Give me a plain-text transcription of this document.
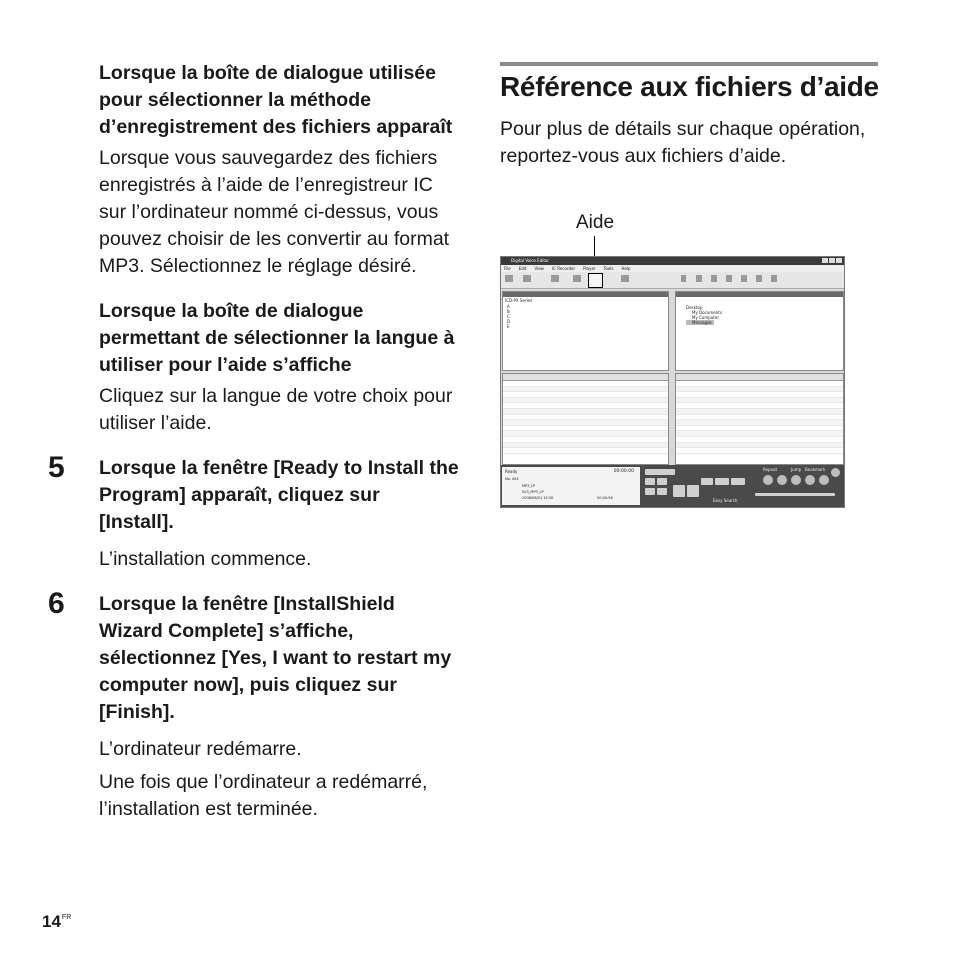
Lorsque la boîte de dialogue utilisée pour sélectionner la méthode d’enregistrement des fichiers apparaît

Lorsque vous sauvegardez des fichiers enregistrés à l’aide de l’enregistreur IC sur l’ordinateur nommé ci-dessus, vous pouvez choisir de les convertir au format MP3. Sélectionnez le réglage désiré.

Lorsque la boîte de dialogue permettant de sélectionner la langue à utiliser pour l’aide s’affiche

Cliquez sur la langue de votre choix pour utiliser l’aide.

5 Lorsque la fenêtre [Ready to Install the Program] apparaît, cliquez sur [Install].

L’installation commence.

6 Lorsque la fenêtre [InstallShield Wizard Complete] s’affiche, sélectionnez [Yes, I want to restart my computer now], puis cliquez sur [Finish].

L’ordinateur redémarre.

Une fois que l’ordinateur a redémarré, l’installation est terminée.

Référence aux fichiers d’aide

Pour plus de détails sur chaque opération, reportez-vous aux fichiers d’aide.

Aide
Digital Voice Editor
File Edit View IC Recorder Player Tools Help
ICD-PX Series
A
B
C
D
E
Desktop
My Documents
My Computer
Messages
Ready	00:00:00
No. 004
MP3_LP
003_MP3_LP
2008/06/01 15:30	00:00:56	Easy Search
Repeat	Jump Bookmark
$14^{FR}$
